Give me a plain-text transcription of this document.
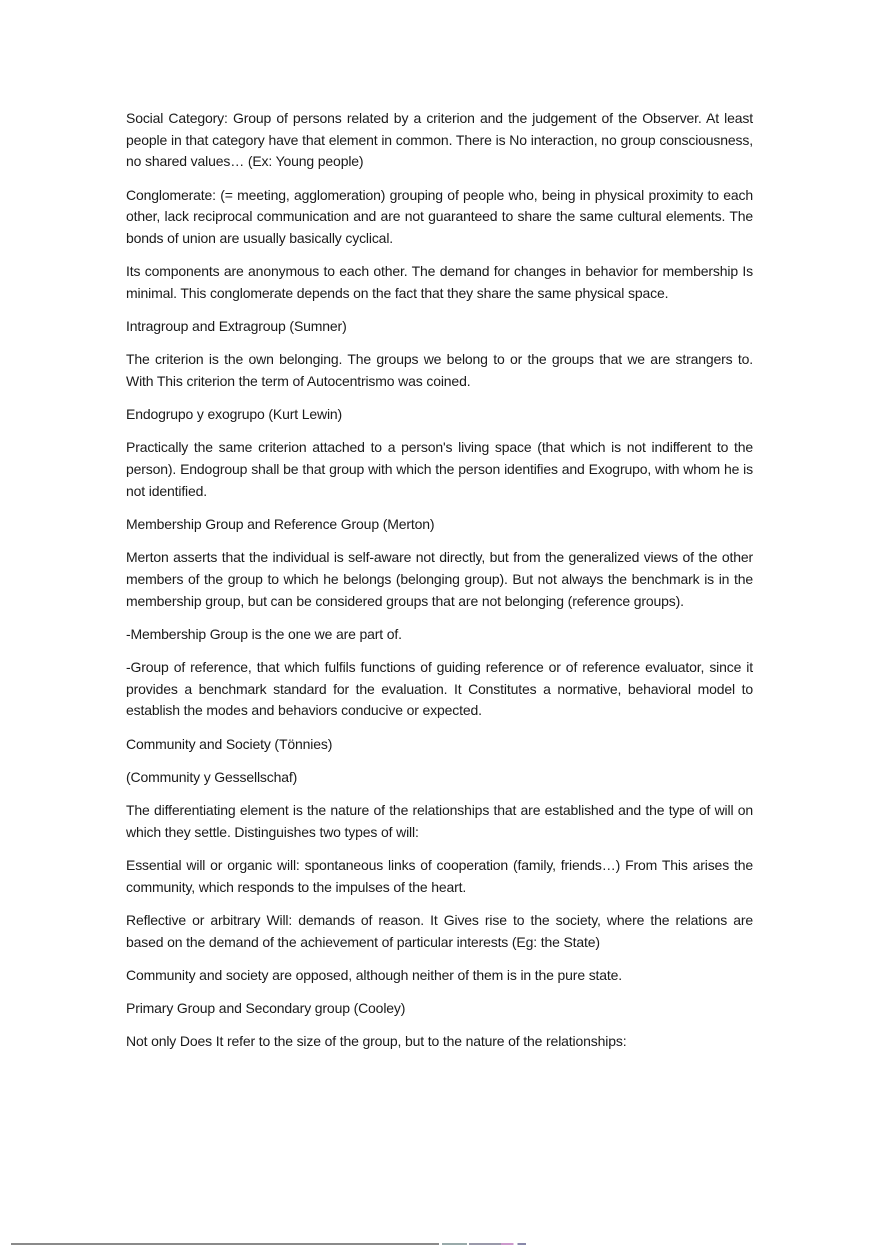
Social Category: Group of persons related by a criterion and the judgement of the Observer. At least people in that category have that element in common. There is No interaction, no group consciousness, no shared values… (Ex: Young people)

Conglomerate: (= meeting, agglomeration) grouping of people who, being in physical proximity to each other, lack reciprocal communication and are not guaranteed to share the same cultural elements. The bonds of union are usually basically cyclical.

Its components are anonymous to each other. The demand for changes in behavior for membership Is minimal. This conglomerate depends on the fact that they share the same physical space.

Intragroup and Extragroup (Sumner)

The criterion is the own belonging. The groups we belong to or the groups that we are strangers to. With This criterion the term of Autocentrismo was coined.

Endogrupo y exogrupo (Kurt Lewin)

Practically the same criterion attached to a person's living space (that which is not indifferent to the person). Endogroup shall be that group with which the person identifies and Exogrupo, with whom he is not identified.

Membership Group and Reference Group (Merton)

Merton asserts that the individual is self-aware not directly, but from the generalized views of the other members of the group to which he belongs (belonging group). But not always the benchmark is in the membership group, but can be considered groups that are not belonging (reference groups).

-Membership Group is the one we are part of.

-Group of reference, that which fulfils functions of guiding reference or of reference evaluator, since it provides a benchmark standard for the evaluation. It Constitutes a normative, behavioral model to establish the modes and behaviors conducive or expected.

Community and Society (Tönnies)

(Community y Gessellschaf)

The differentiating element is the nature of the relationships that are established and the type of will on which they settle. Distinguishes two types of will:

Essential will or organic will: spontaneous links of cooperation (family, friends…) From This arises the community, which responds to the impulses of the heart.

Reflective or arbitrary Will: demands of reason. It Gives rise to the society, where the relations are based on the demand of the achievement of particular interests (Eg: the State)

Community and society are opposed, although neither of them is in the pure state.

Primary Group and Secondary group (Cooley)

Not only Does It refer to the size of the group, but to the nature of the relationships:
